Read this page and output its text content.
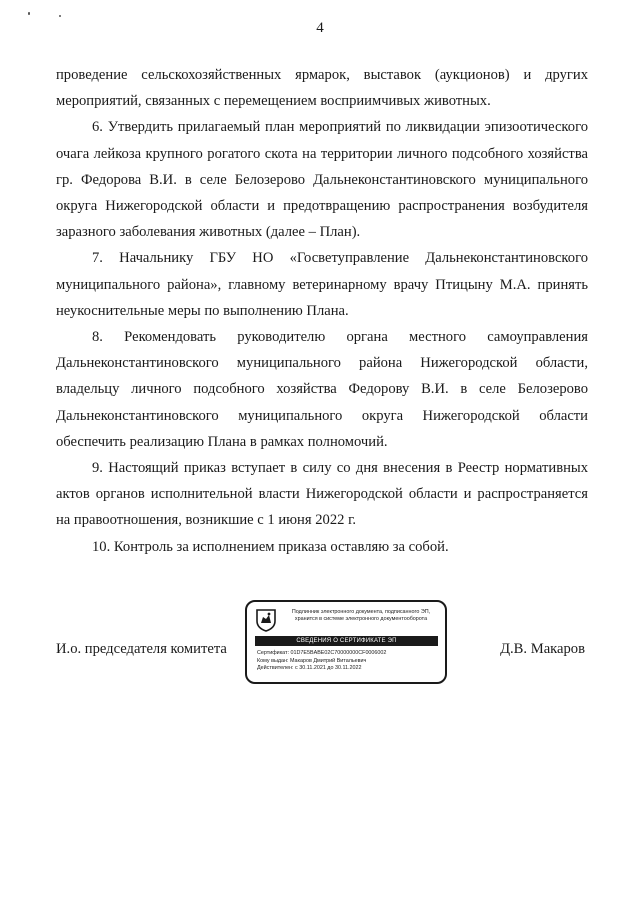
4

проведение сельскохозяйственных ярмарок, выставок (аукционов) и других мероприятий, связанных с перемещением восприимчивых животных.

6. Утвердить прилагаемый план мероприятий по ликвидации эпизоотического очага лейкоза крупного рогатого скота на территории личного подсобного хозяйства гр. Федорова В.И. в селе Белозерово Дальнеконстантиновского муниципального округа Нижегородской области и предотвращению распространения возбудителя заразного заболевания животных (далее – План).

7. Начальнику ГБУ НО «Госветуправление Дальнеконстантиновского муниципального района», главному ветеринарному врачу Птицыну М.А. принять неукоснительные меры по выполнению Плана.

8. Рекомендовать руководителю органа местного самоуправления Дальнеконстантиновского муниципального района Нижегородской области, владельцу личного подсобного хозяйства Федорову В.И. в селе Белозерово Дальнеконстантиновского муниципального округа Нижегородской области обеспечить реализацию Плана в рамках полномочий.

9. Настоящий приказ вступает в силу со дня внесения в Реестр нормативных актов органов исполнительной власти Нижегородской области и распространяется на правоотношения, возникшие с 1 июня 2022 г.

10. Контроль за исполнением приказа оставляю за собой.

И.о. председателя комитета	Д.В. Макаров
Подлинник электронного документа, подписанного ЭП, хранится в системе электронного документооборота
СВЕДЕНИЯ О СЕРТИФИКАТЕ ЭП
Сертификат: 01D7E5BABE02C70000000CF0006002
Кому выдан: Макаров Дмитрий Витальевич
Действителен: с 30.11.2021 до 30.11.2022
